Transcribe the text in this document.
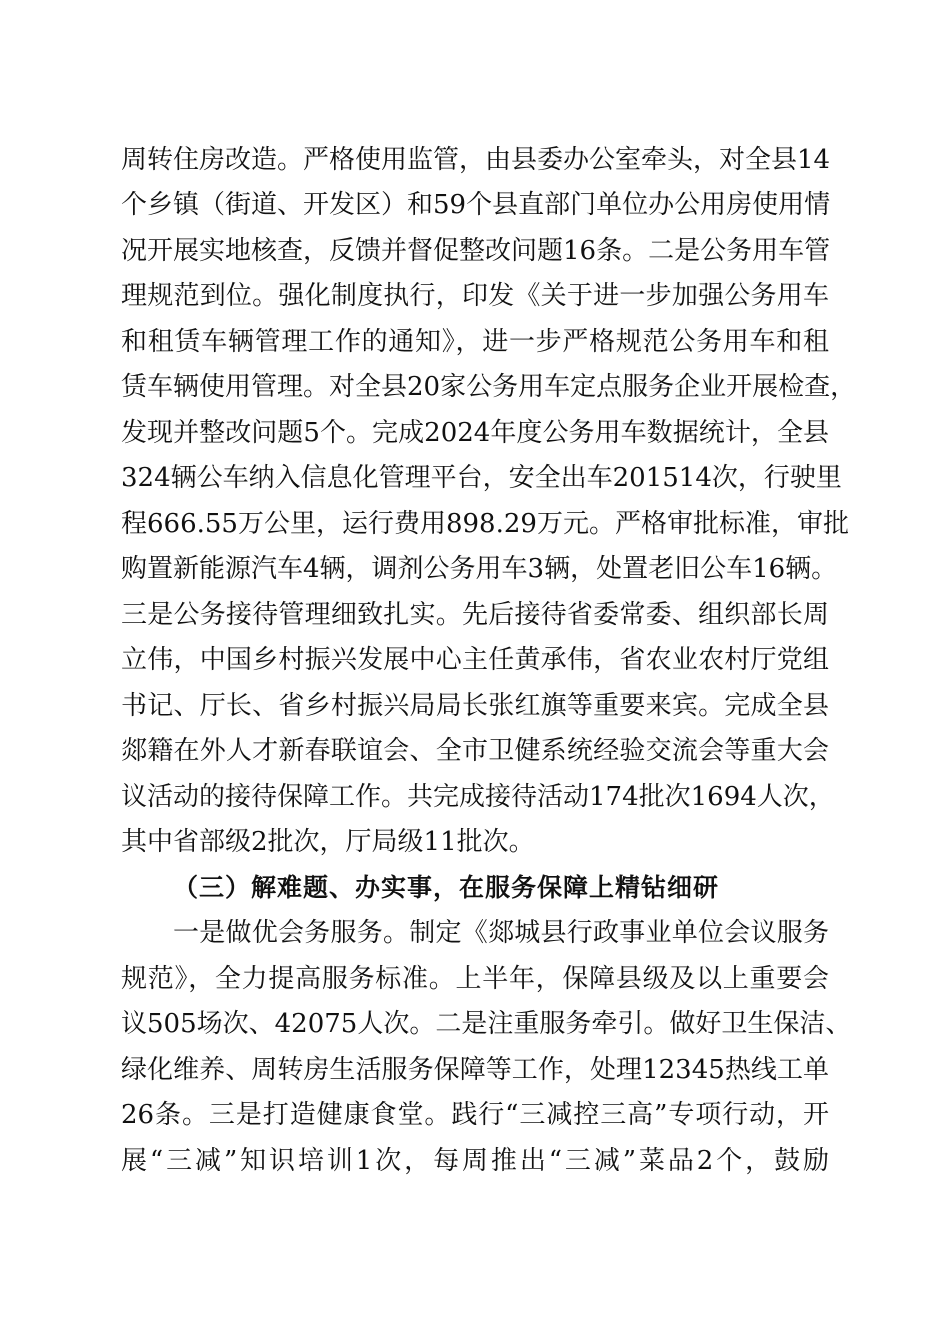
周转住房改造。严格使用监管，由县委办公室牵头，对全县14
个乡镇（街道、开发区）和59个县直部门单位办公用房使用情
况开展实地核查，反馈并督促整改问题16条。二是公务用车管
理规范到位。强化制度执行，印发《关于进一步加强公务用车
和租赁车辆管理工作的通知》，进一步严格规范公务用车和租
赁车辆使用管理。对全县20家公务用车定点服务企业开展检查，
发现并整改问题5个。完成2024年度公务用车数据统计，全县
324辆公车纳入信息化管理平台，安全出车201514次，行驶里
程666.55万公里，运行费用898.29万元。严格审批标准，审批
购置新能源汽车4辆，调剂公务用车3辆，处置老旧公车16辆。
三是公务接待管理细致扎实。先后接待省委常委、组织部长周
立伟，中国乡村振兴发展中心主任黄承伟，省农业农村厅党组
书记、厅长、省乡村振兴局局长张红旗等重要来宾。完成全县
郯籍在外人才新春联谊会、全市卫健系统经验交流会等重大会
议活动的接待保障工作。共完成接待活动174批次1694人次，
其中省部级2批次，厅局级11批次。
（三）解难题、办实事，在服务保障上精钻细研
一是做优会务服务。制定《郯城县行政事业单位会议服务
规范》，全力提高服务标准。上半年，保障县级及以上重要会
议505场次、42075人次。二是注重服务牵引。做好卫生保洁、
绿化维养、周转房生活服务保障等工作，处理12345热线工单
26条。三是打造健康食堂。践行“三减控三高”专项行动，开
展“三减”知识培训1次，每周推出“三减”菜品2个，鼓励
